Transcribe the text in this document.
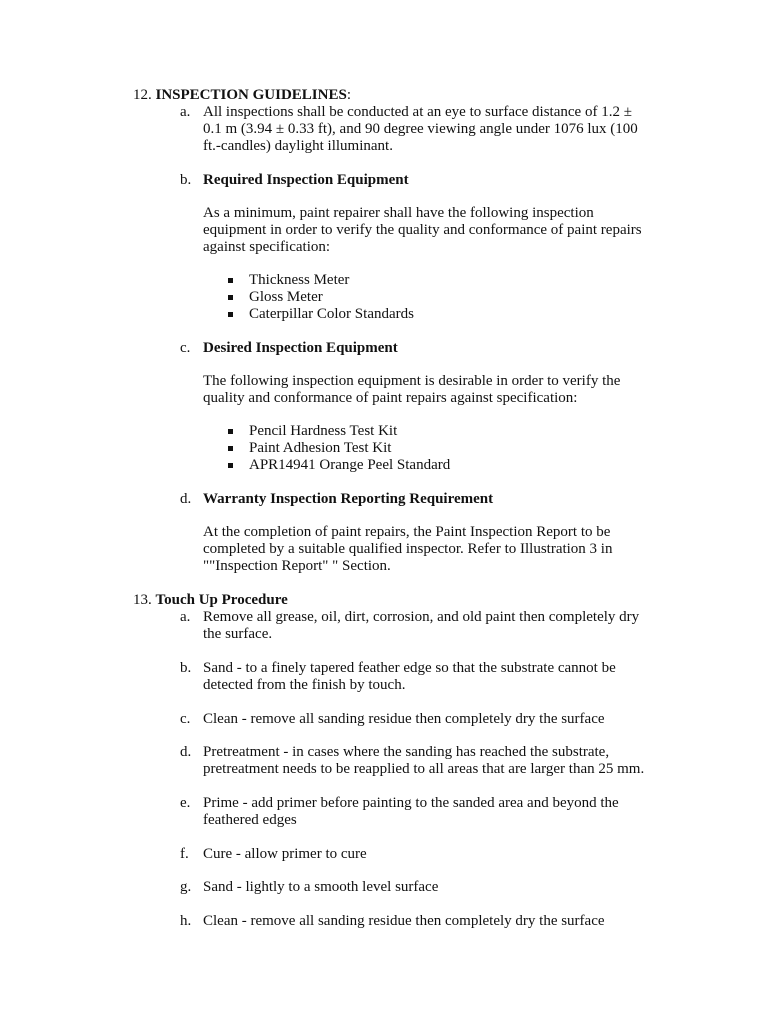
12. INSPECTION GUIDELINES:
a. All inspections shall be conducted at an eye to surface distance of 1.2 ±
0.1 m (3.94 ± 0.33 ft), and 90 degree viewing angle under 1076 lux (100
ft.-candles) daylight illuminant.
b. Required Inspection Equipment
As a minimum, paint repairer shall have the following inspection
equipment in order to verify the quality and conformance of paint repairs
against specification:
Thickness Meter
Gloss Meter
Caterpillar Color Standards
c. Desired Inspection Equipment
The following inspection equipment is desirable in order to verify the
quality and conformance of paint repairs against specification:
Pencil Hardness Test Kit
Paint Adhesion Test Kit
APR14941 Orange Peel Standard
d. Warranty Inspection Reporting Requirement
At the completion of paint repairs, the Paint Inspection Report to be
completed by a suitable qualified inspector. Refer to Illustration 3 in
""Inspection Report" " Section.
13. Touch Up Procedure
a. Remove all grease, oil, dirt, corrosion, and old paint then completely dry
the surface.
b. Sand - to a finely tapered feather edge so that the substrate cannot be
detected from the finish by touch.
c. Clean - remove all sanding residue then completely dry the surface
d. Pretreatment - in cases where the sanding has reached the substrate,
pretreatment needs to be reapplied to all areas that are larger than 25 mm.
e. Prime - add primer before painting to the sanded area and beyond the
feathered edges
f. Cure - allow primer to cure
g. Sand - lightly to a smooth level surface
h. Clean - remove all sanding residue then completely dry the surface
